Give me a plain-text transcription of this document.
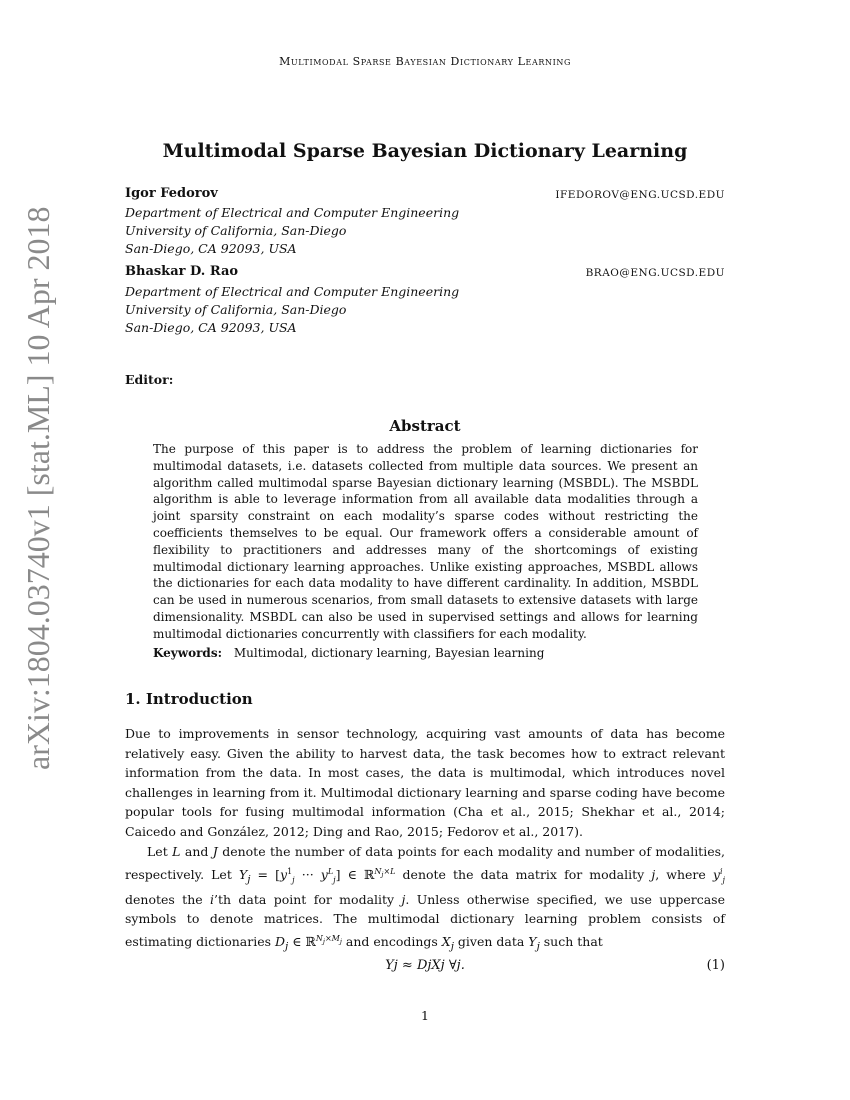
Multimodal Sparse Bayesian Dictionary Learning
arXiv:1804.03740v1 [stat.ML] 10 Apr 2018
Multimodal Sparse Bayesian Dictionary Learning
Igor Fedorov	IFEDOROV@ENG.UCSD.EDU
Department of Electrical and Computer Engineering
University of California, San-Diego
San-Diego, CA 92093, USA
Bhaskar D. Rao	BRAO@ENG.UCSD.EDU
Department of Electrical and Computer Engineering
University of California, San-Diego
San-Diego, CA 92093, USA
Editor:
Abstract
The purpose of this paper is to address the problem of learning dictionaries for multimodal datasets, i.e. datasets collected from multiple data sources. We present an algorithm called multimodal sparse Bayesian dictionary learning (MSBDL). The MSBDL algorithm is able to leverage information from all available data modalities through a joint sparsity constraint on each modality’s sparse codes without restricting the coefficients themselves to be equal. Our framework offers a considerable amount of flexibility to practitioners and addresses many of the shortcomings of existing multimodal dictionary learning approaches. Unlike existing approaches, MSBDL allows the dictionaries for each data modality to have different cardinality. In addition, MSBDL can be used in numerous scenarios, from small datasets to extensive datasets with large dimensionality. MSBDL can also be used in supervised settings and allows for learning multimodal dictionaries concurrently with classifiers for each modality.
Keywords: Multimodal, dictionary learning, Bayesian learning
1. Introduction
Due to improvements in sensor technology, acquiring vast amounts of data has become relatively easy. Given the ability to harvest data, the task becomes how to extract relevant information from the data. In most cases, the data is multimodal, which introduces novel challenges in learning from it. Multimodal dictionary learning and sparse coding have become popular tools for fusing multimodal information (Cha et al., 2015; Shekhar et al., 2014; Caicedo and González, 2012; Ding and Rao, 2015; Fedorov et al., 2017).
Let L and J denote the number of data points for each modality and number of modalities, respectively. Let $Y_j = [y^1_j$ ··· $y^L_j$] ∈ ℝ$^{N_j\times L}$ denote the data matrix for modality j, where $y^i_j$ denotes the i’th data point for modality j. Unless otherwise specified, we use uppercase symbols to denote matrices. The multimodal dictionary learning problem consists of estimating dictionaries $D_j$ ∈ ℝ$^{N_j\times M_j}$ and encodings $X_j$ given data $Y_j$ such that
Yj ≈ DjXj ∀j.	(1)
1
